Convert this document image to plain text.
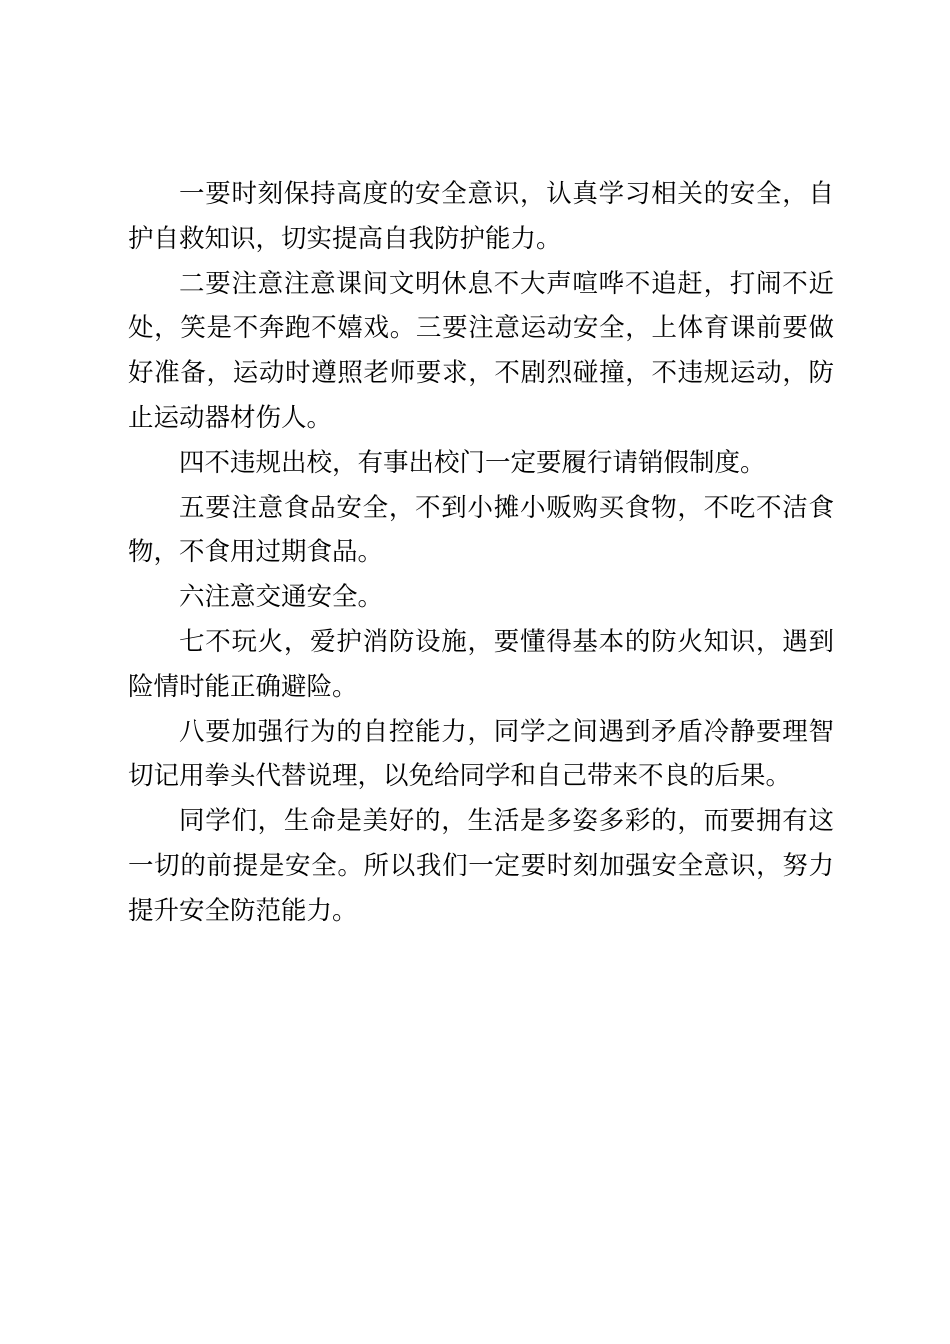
一要时刻保持高度的安全意识，认真学习相关的安全，自护自救知识，切实提高自我防护能力。

二要注意注意课间文明休息不大声喧哗不追赶，打闹不近处，笑是不奔跑不嬉戏。三要注意运动安全，上体育课前要做好准备，运动时遵照老师要求，不剧烈碰撞，不违规运动，防止运动器材伤人。

四不违规出校，有事出校门一定要履行请销假制度。

五要注意食品安全，不到小摊小贩购买食物，不吃不洁食物，不食用过期食品。

六注意交通安全。

七不玩火，爱护消防设施，要懂得基本的防火知识，遇到险情时能正确避险。

八要加强行为的自控能力，同学之间遇到矛盾冷静要理智切记用拳头代替说理，以免给同学和自己带来不良的后果。

同学们，生命是美好的，生活是多姿多彩的，而要拥有这一切的前提是安全。所以我们一定要时刻加强安全意识，努力提升安全防范能力。
